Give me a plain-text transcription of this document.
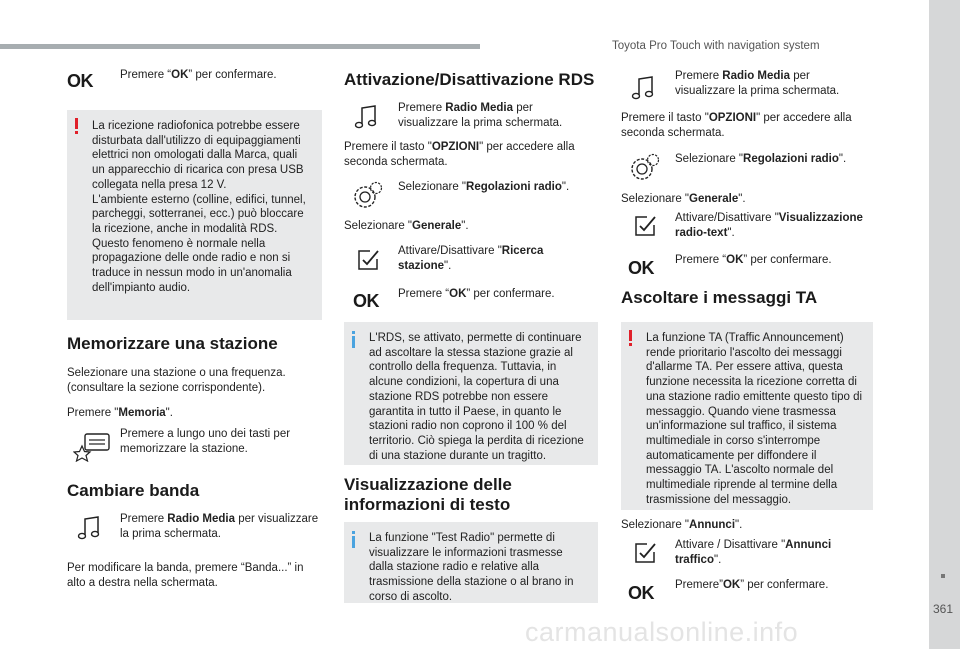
Toyota Pro Touch with navigation system
361
carmanualsonline.info
OK Premere “OK” per confermare.
La ricezione radiofonica potrebbe essere disturbata dall'utilizzo di equipaggiamenti elettrici non omologati dalla Marca, quali un apparecchio di ricarica con presa USB collegata nella presa 12 V.
L'ambiente esterno (colline, edifici, tunnel, parcheggi, sotterranei, ecc.) può bloccare la ricezione, anche in modalità RDS. Questo fenomeno è normale nella propagazione delle onde radio e non si traduce in nessun modo in un'anomalia dell'impianto audio.
Memorizzare una stazione
Selezionare una stazione o una frequenza. (consultare la sezione corrispondente).
Premere "Memoria".
Premere a lungo uno dei tasti per memorizzare la stazione.
Cambiare banda
Premere Radio Media per visualizzare la prima schermata.
Per modificare la banda, premere “Banda...” in alto a destra nella schermata.
Attivazione/Disattivazione RDS
Premere Radio Media per visualizzare la prima schermata.
Premere il tasto "OPZIONI" per accedere alla seconda schermata.
Selezionare "Regolazioni radio".
Selezionare "Generale".
Attivare/Disattivare "Ricerca stazione".
OK Premere “OK” per confermare.
L'RDS, se attivato, permette di continuare ad ascoltare la stessa stazione grazie al controllo della frequenza. Tuttavia, in alcune condizioni, la copertura di una stazione RDS potrebbe non essere garantita in tutto il Paese, in quanto le stazioni radio non coprono il 100 % del territorio. Ciò spiega la perdita di ricezione di una stazione durante un tragitto.
Visualizzazione delle informazioni di testo
La funzione "Test Radio" permette di visualizzare le informazioni trasmesse dalla stazione radio e relative alla trasmissione della stazione o al brano in corso di ascolto.
Premere Radio Media per visualizzare la prima schermata.
Premere il tasto "OPZIONI" per accedere alla seconda schermata.
Selezionare "Regolazioni radio".
Selezionare "Generale".
Attivare/Disattivare "Visualizzazione radio-text".
OK Premere “OK” per confermare.
Ascoltare i messaggi TA
La funzione TA (Traffic Announcement) rende prioritario l'ascolto dei messaggi d'allarme TA. Per essere attiva, questa funzione necessita la ricezione corretta di una stazione radio emittente questo tipo di messaggio. Quando viene trasmessa un'informazione sul traffico, il sistema multimediale in corso s'interrompe automaticamente per diffondere il messaggio TA. L'ascolto normale del multimediale riprende al termine della trasmissione del messaggio.
Selezionare "Annunci".
Attivare / Disattivare "Annunci traffico".
OK Premere”OK” per confermare.
